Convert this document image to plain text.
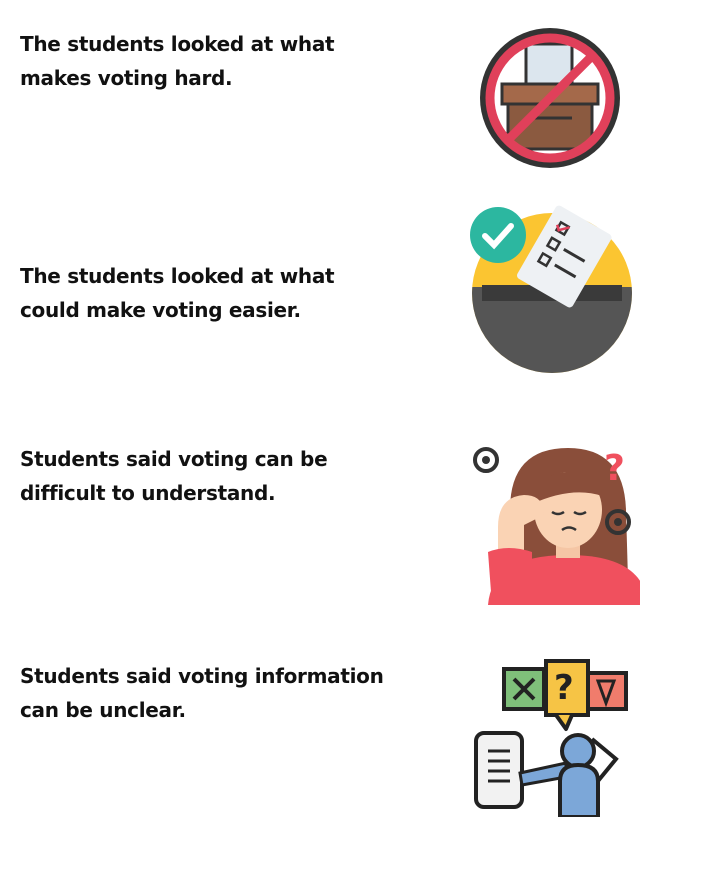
The students looked at what
makes voting hard.
The students looked at what
could make voting easier.
Students said voting can be
difficult to understand.
?
Students said voting information
can be unclear.
?
